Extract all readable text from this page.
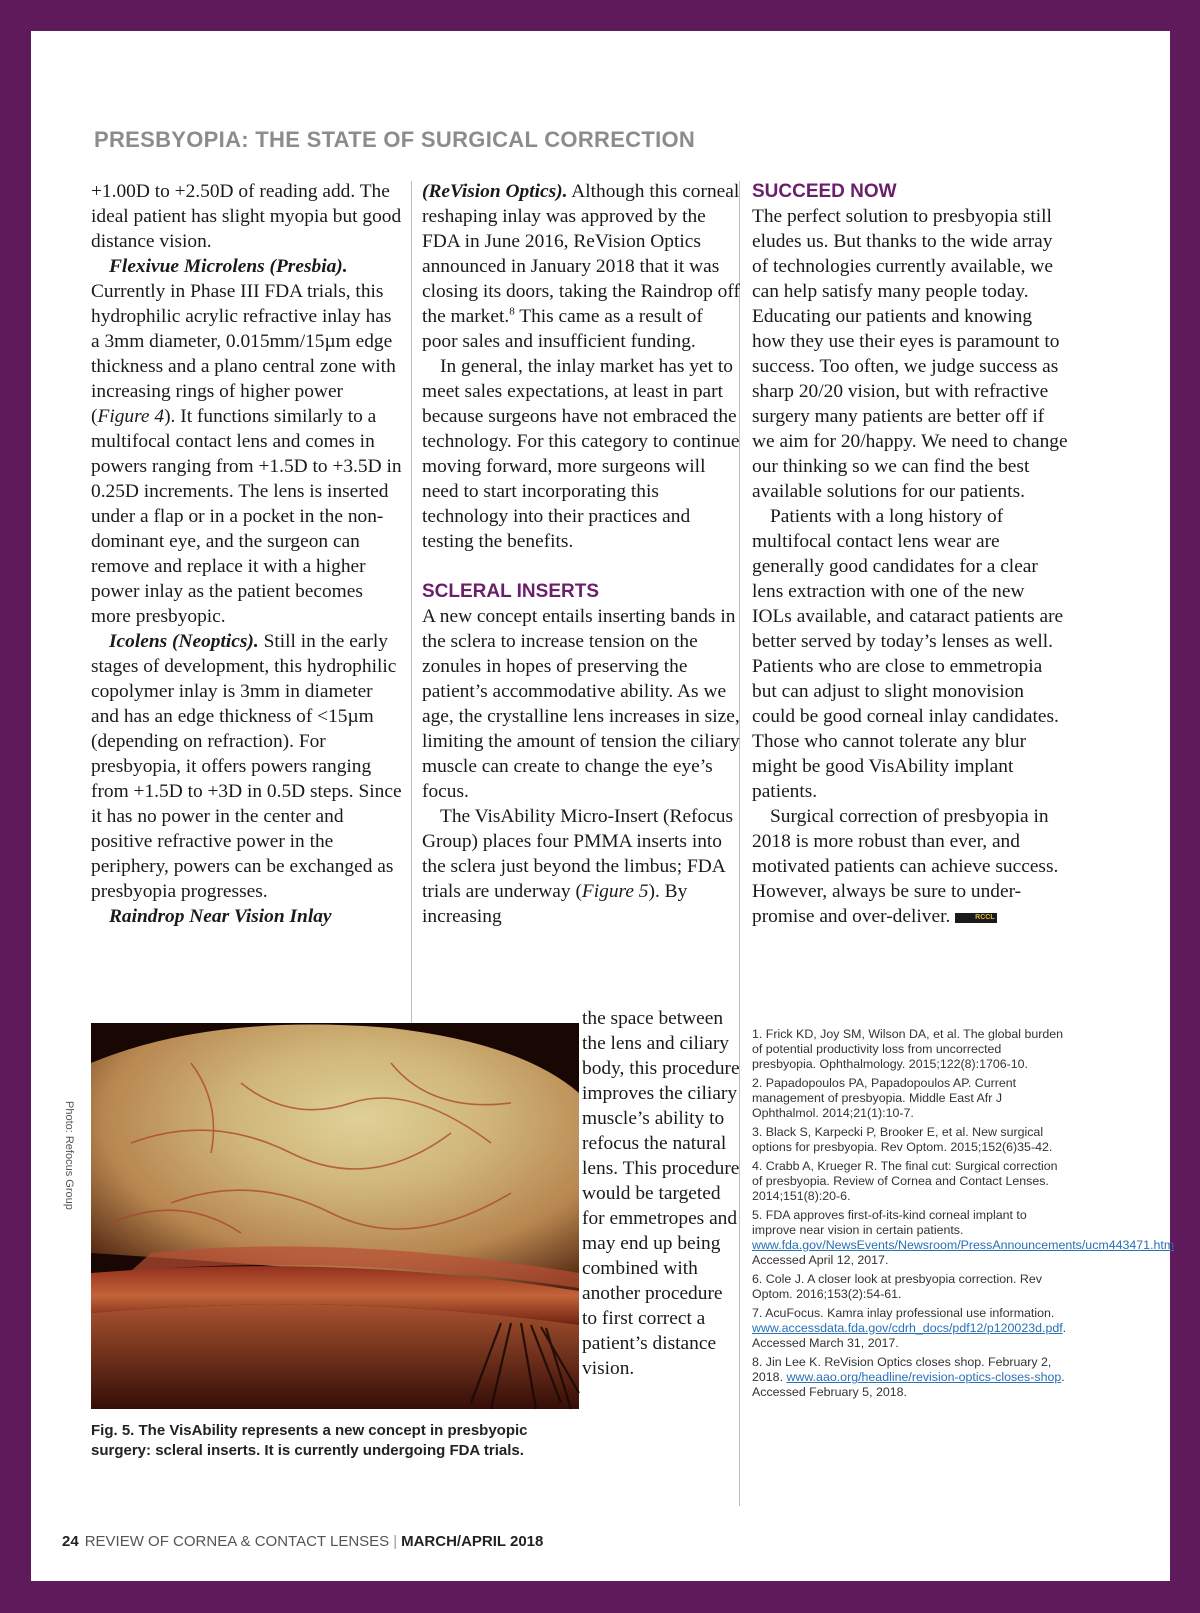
PRESBYOPIA: THE STATE OF SURGICAL CORRECTION

+1.00D to +2.50D of reading add. The ideal patient has slight myopia but good distance vision.

Flexivue Microlens (Presbia). Currently in Phase III FDA trials, this hydrophilic acrylic refractive inlay has a 3mm diameter, 0.015mm/15µm edge thickness and a plano central zone with increasing rings of higher power (Figure 4). It functions similarly to a multifocal contact lens and comes in powers ranging from +1.5D to +3.5D in 0.25D increments. The lens is inserted under a flap or in a pocket in the non-dominant eye, and the surgeon can remove and replace it with a higher power inlay as the patient becomes more presbyopic.

Icolens (Neoptics). Still in the early stages of development, this hydrophilic copolymer inlay is 3mm in diameter and has an edge thickness of <15µm (depending on refraction). For presbyopia, it offers powers ranging from +1.5D to +3D in 0.5D steps. Since it has no power in the center and positive refractive power in the periphery, powers can be exchanged as presbyopia progresses.

Raindrop Near Vision Inlay

(ReVision Optics). Although this corneal reshaping inlay was approved by the FDA in June 2016, ReVision Optics announced in January 2018 that it was closing its doors, taking the Raindrop off the market.$^8$ This came as a result of poor sales and insufficient funding.

In general, the inlay market has yet to meet sales expectations, at least in part because surgeons have not embraced the technology. For this category to continue moving forward, more surgeons will need to start incorporating this technology into their practices and testing the benefits.

SCLERAL INSERTS

A new concept entails inserting bands in the sclera to increase tension on the zonules in hopes of preserving the patient’s accommodative ability. As we age, the crystalline lens increases in size, limiting the amount of tension the ciliary muscle can create to change the eye’s focus.

The VisAbility Micro-Insert (Refocus Group) places four PMMA inserts into the sclera just beyond the limbus; FDA trials are underway (Figure 5). By increasing

the space between the lens and ciliary body, this procedure improves the ciliary muscle’s ability to refocus the natural lens. This procedure would be targeted for emmetropes and may end up being combined with another procedure to first correct a patient’s distance vision.

SUCCEED NOW

The perfect solution to presbyopia still eludes us. But thanks to the wide array of technologies currently available, we can help satisfy many people today. Educating our patients and knowing how they use their eyes is paramount to success. Too often, we judge success as sharp 20/20 vision, but with refractive surgery many patients are better off if we aim for 20/happy. We need to change our thinking so we can find the best available solutions for our patients.

Patients with a long history of multifocal contact lens wear are generally good candidates for a clear lens extraction with one of the new IOLs available, and cataract patients are better served by today’s lenses as well. Patients who are close to emmetropia but can adjust to slight monovision could be good corneal inlay candidates. Those who cannot tolerate any blur might be good VisAbility implant patients.

Surgical correction of presbyopia in 2018 is more robust than ever, and motivated patients can achieve success. However, always be sure to under-promise and over-deliver.	RCCL

1. Frick KD, Joy SM, Wilson DA, et al. The global burden of potential productivity loss from uncorrected presbyopia. Ophthalmology. 2015;122(8):1706-10.
2. Papadopoulos PA, Papadopoulos AP. Current management of presbyopia. Middle East Afr J Ophthalmol. 2014;21(1):10-7.
3. Black S, Karpecki P, Brooker E, et al. New surgical options for presbyopia. Rev Optom. 2015;152(6)35-42.
4. Crabb A, Krueger R. The final cut: Surgical correction of presbyopia. Review of Cornea and Contact Lenses. 2014;151(8):20-6.
5. FDA approves first-of-its-kind corneal implant to improve near vision in certain patients. www.fda.gov/NewsEvents/Newsroom/PressAnnouncements/ucm443471.htm. Accessed April 12, 2017.
6. Cole J. A closer look at presbyopia correction. Rev Optom. 2016;153(2):54-61.
7. AcuFocus. Kamra inlay professional use information. www.accessdata.fda.gov/cdrh_docs/pdf12/p120023d.pdf. Accessed March 31, 2017.
8. Jin Lee K. ReVision Optics closes shop. February 2, 2018. www.aao.org/headline/revision-optics-closes-shop. Accessed February 5, 2018.
Photo: Refocus Group

Fig. 5. The VisAbility represents a new concept in presbyopic surgery: scleral inserts. It is currently undergoing FDA trials.

24 REVIEW OF CORNEA & CONTACT LENSES | MARCH/APRIL 2018
